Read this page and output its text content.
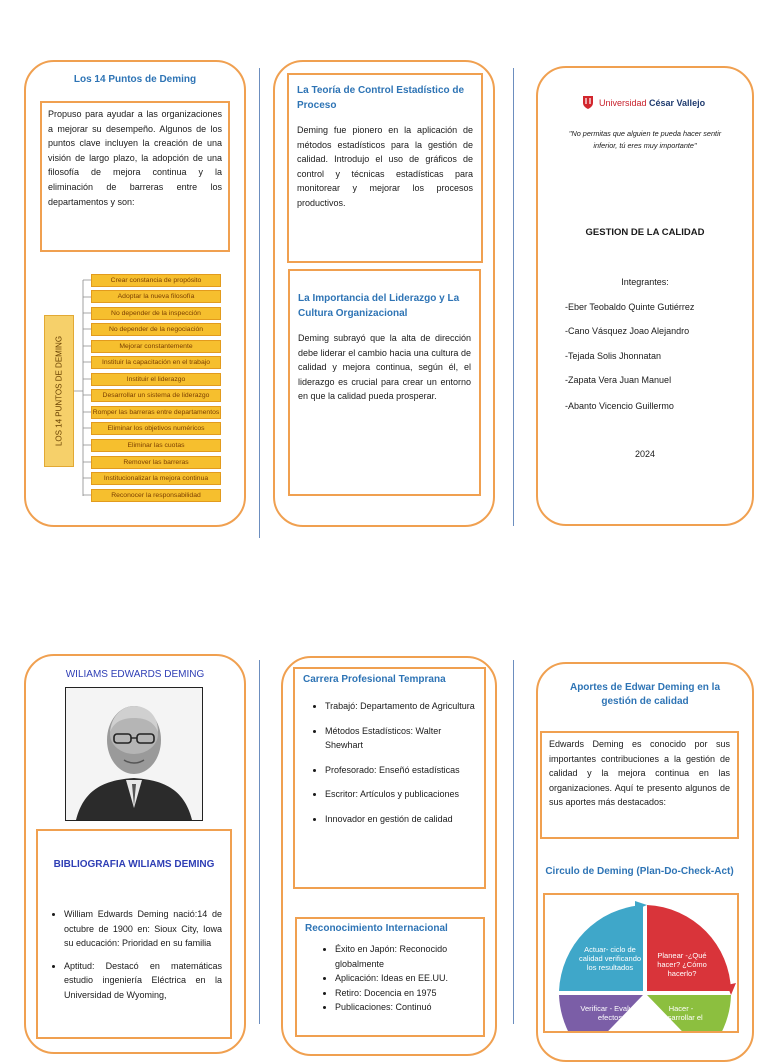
Los 14 Puntos de Deming
Propuso para ayudar a las organizaciones a mejorar su desempeño. Algunos de los puntos clave incluyen la creación de una visión de largo plazo, la adopción de una filosofía de mejora continua y la eliminación de barreras entre los departamentos y son:
LOS 14 PUNTOS DE DEMING
Crear constancia de propósito
Adoptar la nueva filosofía
No depender de la inspección
No depender de la negociación
Mejorar constantemente
Instituir la capacitación en el trabajo
Instituir el liderazgo
Desarrollar un sistema de liderazgo
Romper las barreras entre departamentos
Eliminar los objetivos numéricos
Eliminar las cuotas
Remover las barreras
Institucionalizar la mejora continua
Reconocer la responsabilidad
La Teoría de Control Estadístico de Proceso
Deming fue pionero en la aplicación de métodos estadísticos para la gestión de calidad. Introdujo el uso de gráficos de control y técnicas estadísticas para monitorear y mejorar los procesos productivos.
La Importancia del Liderazgo y La Cultura Organizacional
Deming subrayó que la alta de dirección debe liderar el cambio hacia una cultura de calidad y mejora continua, según él, el liderazgo es crucial para crear un entorno en que la calidad pueda prosperar.
Universidad César Vallejo
"No permitas que alguien te pueda hacer sentir inferior, tú eres muy importante"
GESTION DE LA CALIDAD
Integrantes:
-Eber Teobaldo Quinte Gutiérrez
-Cano Vásquez Joao Alejandro
-Tejada Solis Jhonnatan
-Zapata Vera Juan Manuel
-Abanto Vicencio Guillermo
2024
WILIAMS EDWARDS DEMING
BIBLIOGRAFIA WILIAMS DEMING
• William Edwards Deming nació:14 de octubre de 1900 en: Sioux City, Iowa su educación: Prioridad en su familia
• Aptitud: Destacó en matemáticas estudio ingeniería Eléctrica en la Universidad de Wyoming,
Carrera Profesional Temprana
• Trabajó: Departamento de Agricultura
• Métodos Estadísticos: Walter Shewhart
• Profesorado: Enseñó estadísticas
• Escritor: Artículos y publicaciones
• Innovador en gestión de calidad
Reconocimiento Internacional
• Éxito en Japón: Reconocido globalmente
• Aplicación: Ideas en EE.UU.
• Retiro: Docencia en 1975
• Publicaciones: Continuó
Aportes de Edwar Deming en la gestión de calidad
Edwards Deming es conocido por sus importantes contribuciones a la gestión de calidad y la mejora continua en las organizaciones. Aquí te presento algunos de sus aportes más destacados:
Circulo de Deming (Plan-Do-Check-Act)
Actuar- ciclo de calidad verificando los resultados
Planear -¿Qué hacer? ¿Cómo hacerlo?
Verificar - Evaluar efectos
Hacer - desarrollar el
